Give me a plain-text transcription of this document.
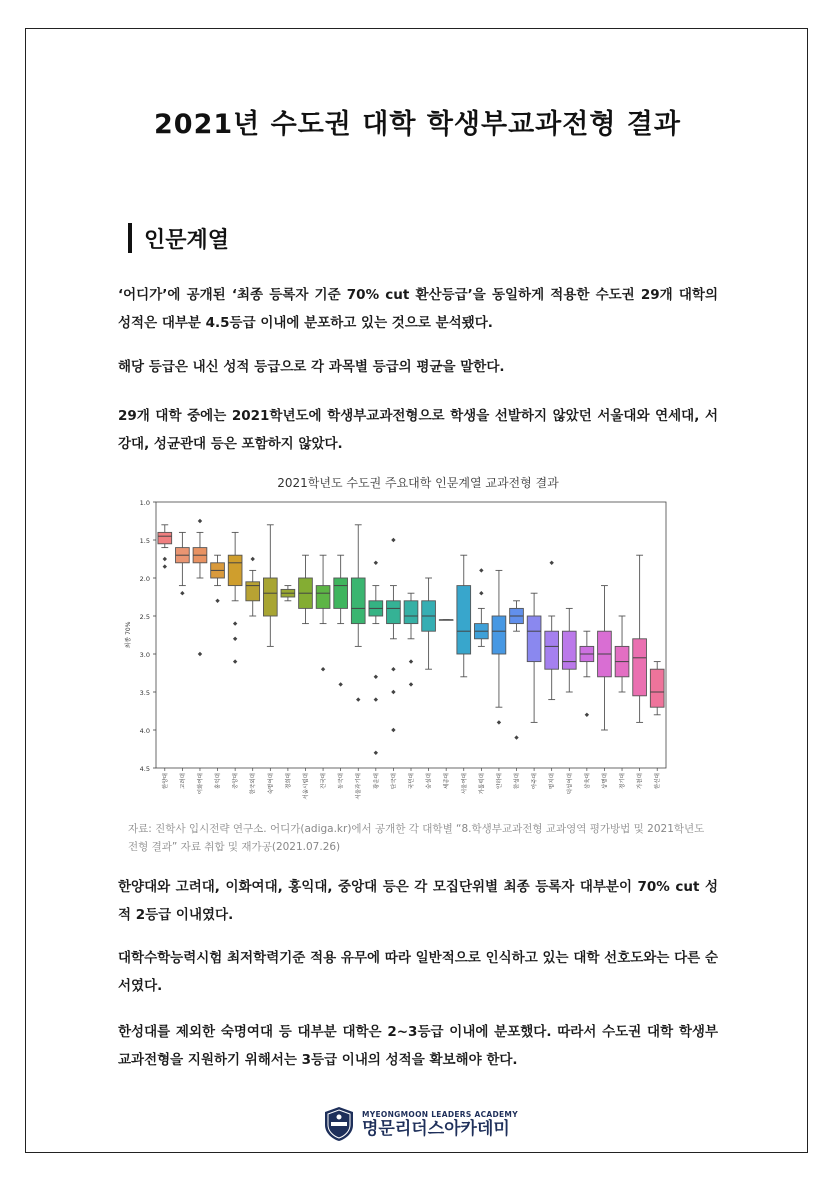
2021년 수도권 대학 학생부교과전형 결과
인문계열
‘어디가’에 공개된 ‘최종 등록자 기준 70% cut 환산등급’을 동일하게 적용한 수도권 29개 대학의 성적은 대부분 4.5등급 이내에 분포하고 있는 것으로 분석됐다.
해당 등급은 내신 성적 등급으로 각 과목별 등급의 평균을 말한다.
29개 대학 중에는 2021학년도에 학생부교과전형으로 학생을 선발하지 않았던 서울대와 연세대, 서강대, 성균관대 등은 포함하지 않았다.
2021학년도 수도권 주요대학 인문계열 교과전형 결과
1.0
1.5
2.0
2.5
3.0
3.5
4.0
4.5
최종 70%
한양대	고려대	이화여대	홍익대	중앙대	한국외대	숙명여대	경희대	서울시립대	건국대	동국대	서울과기대	광운대	단국대	국민대	숭실대	세종대	서울여대	가톨릭대	인하대	한성대	아주대	명지대	덕성여대	삼육대	상명대	경기대	가천대	한신대
자료: 진학사 입시전략 연구소. 어디가(adiga.kr)에서 공개한 각 대학별 “8.학생부교과전형 교과영역 평가방법 및 2021학년도 전형 결과” 자료 취합 및 재가공(2021.07.26)
한양대와 고려대, 이화여대, 홍익대, 중앙대 등은 각 모집단위별 최종 등록자 대부분이 70% cut 성적 2등급 이내였다.
대학수학능력시험 최저학력기준 적용 유무에 따라 일반적으로 인식하고 있는 대학 선호도와는 다른 순서였다.
한성대를 제외한 숙명여대 등 대부분 대학은 2~3등급 이내에 분포했다. 따라서 수도권 대학 학생부교과전형을 지원하기 위해서는 3등급 이내의 성적을 확보해야 한다.
MYEONGMOON LEADERS ACADEMY
명문리더스아카데미
